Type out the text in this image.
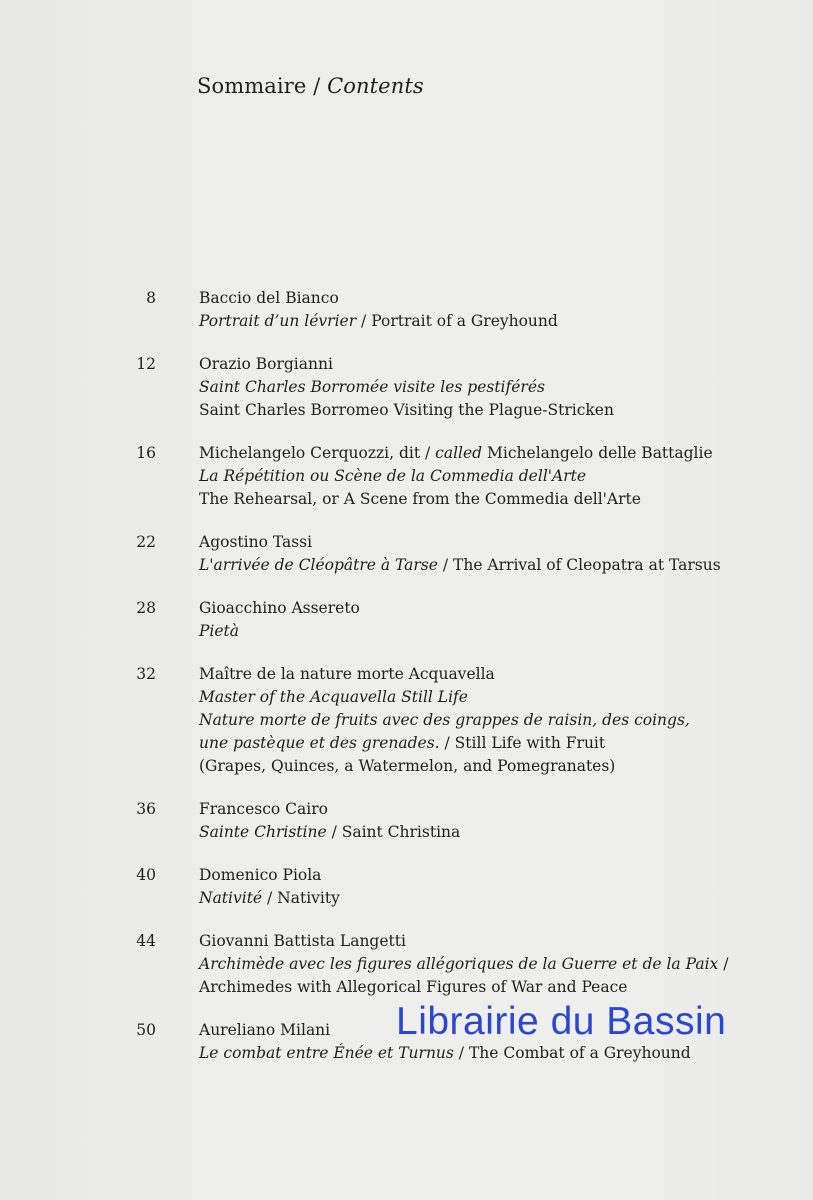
Sommaire / Contents
8	Baccio del Bianco
Portrait d’un lévrier / Portrait of a Greyhound
12	Orazio Borgianni
Saint Charles Borromée visite les pestiférés
Saint Charles Borromeo Visiting the Plague-Stricken
16	Michelangelo Cerquozzi, dit / called Michelangelo delle Battaglie
La Répétition ou Scène de la Commedia dell'Arte
The Rehearsal, or A Scene from the Commedia dell'Arte
22	Agostino Tassi
L'arrivée de Cléopâtre à Tarse / The Arrival of Cleopatra at Tarsus
28	Gioacchino Assereto
Pietà
32	Maître de la nature morte Acquavella
Master of the Acquavella Still Life
Nature morte de fruits avec des grappes de raisin, des coings,
une pastèque et des grenades. / Still Life with Fruit
(Grapes, Quinces, a Watermelon, and Pomegranates)
36	Francesco Cairo
Sainte Christine / Saint Christina
40	Domenico Piola
Nativité / Nativity
44	Giovanni Battista Langetti
Archimède avec les figures allégoriques de la Guerre et de la Paix /
Archimedes with Allegorical Figures of War and Peace
50	Aureliano Milani
Le combat entre Énée et Turnus / The Combat of a Greyhound
Librairie du Bassin
